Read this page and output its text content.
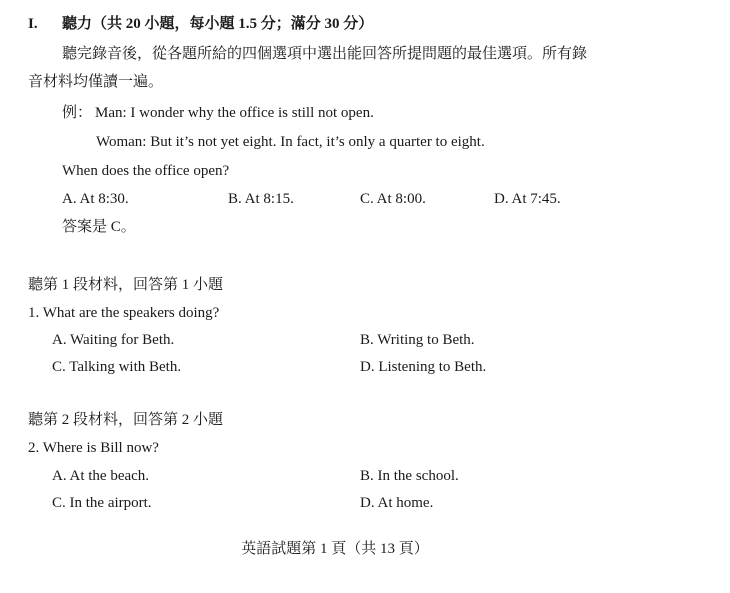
I. 聽力（共 20 小題，每小題 1.5 分；滿分 30 分）
聽完錄音後，從各題所給的四個選項中選出能回答所提問題的最佳選項。所有錄
音材料均僅讀一遍。
例： Man: I wonder why the office is still not open.
Woman: But it’s not yet eight. In fact, it’s only a quarter to eight.
When does the office open?
A. At 8:30.	B. At 8:15.	C. At 8:00.	D. At 7:45.
答案是 C。
聽第 1 段材料，回答第 1 小題
1. What are the speakers doing?
A. Waiting for Beth.	B. Writing to Beth.
C. Talking with Beth.	D. Listening to Beth.
聽第 2 段材料，回答第 2 小題
2. Where is Bill now?
A. At the beach.	B. In the school.
C. In the airport.	D. At home.
英語試題第 1 頁（共 13 頁）
